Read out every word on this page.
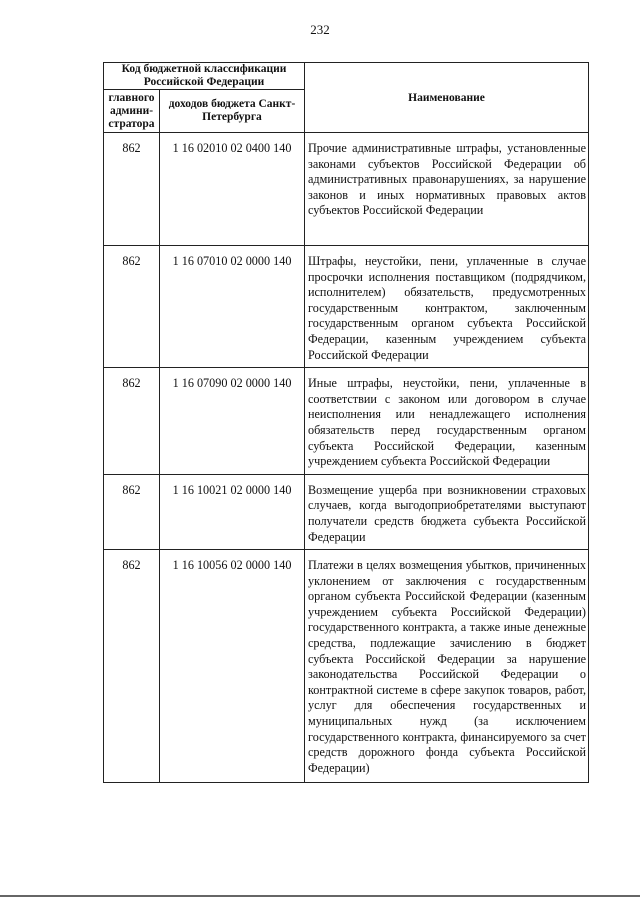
232
Код бюджетной классификации Российской Федерации		Наименование
главного админи-стратора	доходов бюджета Санкт-Петербурга	
862	1 16 02010 02 0400 140	Прочие административные штрафы, установленные законами субъектов Российской Федерации об административных правонарушениях, за нарушение законов и иных нормативных правовых актов субъектов Российской Федерации
862	1 16 07010 02 0000 140	Штрафы, неустойки, пени, уплаченные в случае просрочки исполнения поставщиком (подрядчиком, исполнителем) обязательств, предусмотренных государственным контрактом, заключенным государственным органом субъекта Российской Федерации, казенным учреждением субъекта Российской Федерации
862	1 16 07090 02 0000 140	Иные штрафы, неустойки, пени, уплаченные в соответствии с законом или договором в случае неисполнения или ненадлежащего исполнения обязательств перед государственным органом субъекта Российской Федерации, казенным учреждением субъекта Российской Федерации
862	1 16 10021 02 0000 140	Возмещение ущерба при возникновении страховых случаев, когда выгодоприобретателями выступают получатели средств бюджета субъекта Российской Федерации
862	1 16 10056 02 0000 140	Платежи в целях возмещения убытков, причиненных уклонением от заключения с государственным органом субъекта Российской Федерации (казенным учреждением субъекта Российской Федерации) государственного контракта, а также иные денежные средства, подлежащие зачислению в бюджет субъекта Российской Федерации за нарушение законодательства Российской Федерации о контрактной системе в сфере закупок товаров, работ, услуг для обеспечения государственных и муниципальных нужд (за исключением государственного контракта, финансируемого за счет средств дорожного фонда субъекта Российской Федерации)
